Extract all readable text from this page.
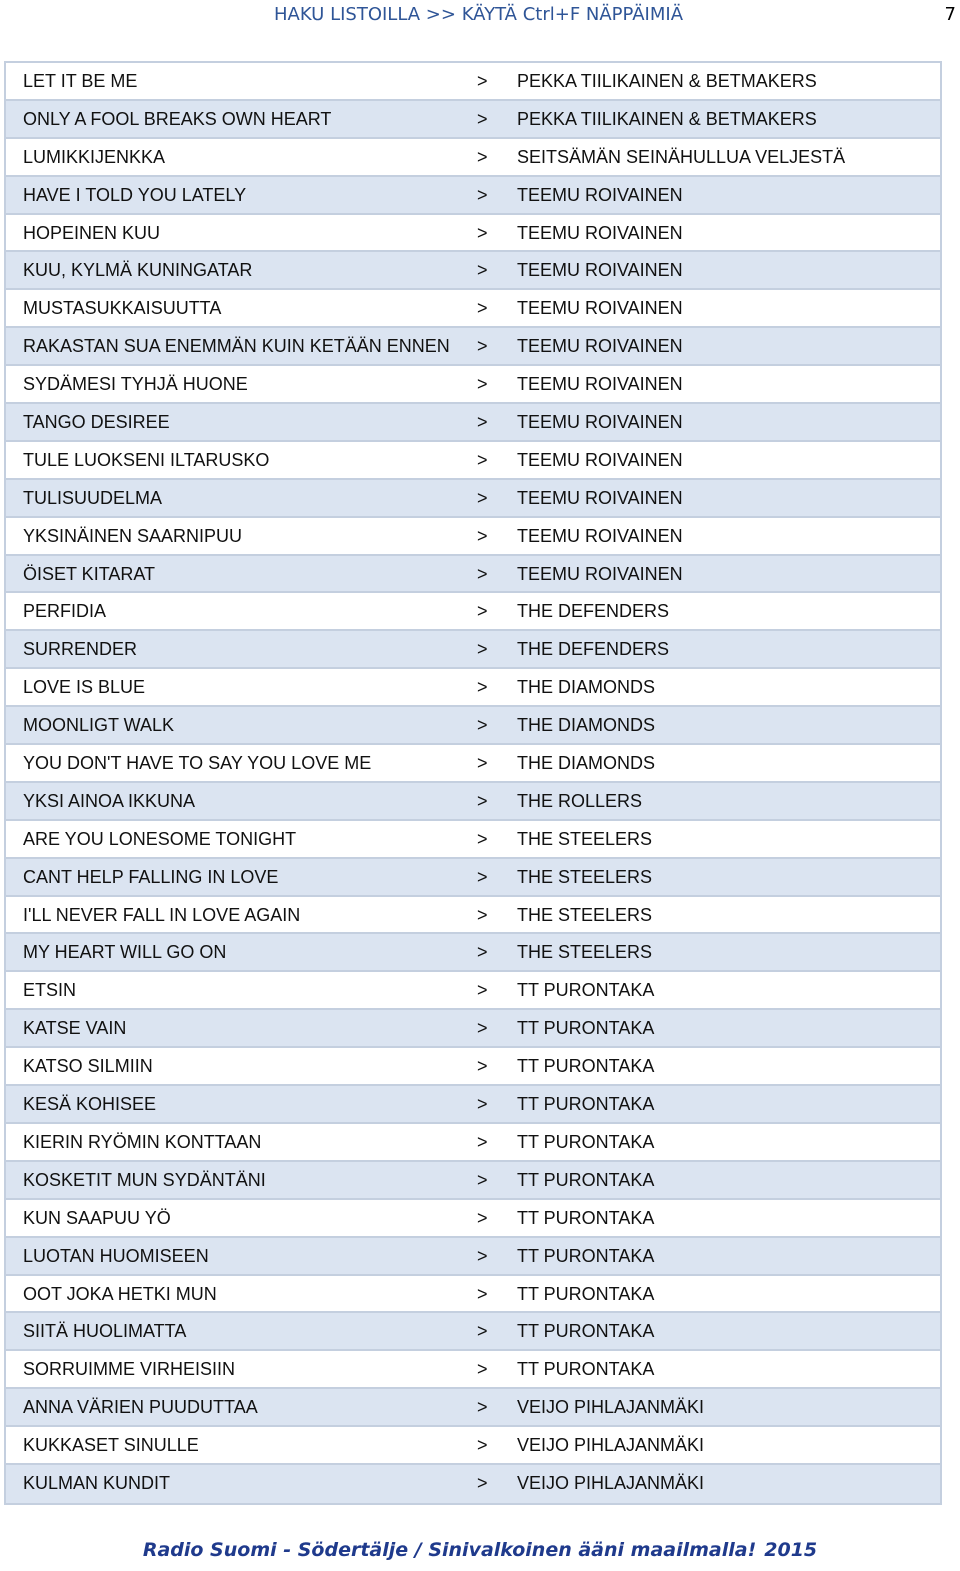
HAKU LISTOILLA >> KÄYTÄ Ctrl+F NÄPPÄIMIÄ	7
LET IT BE ME	> PEKKA TIILIKAINEN & BETMAKERS
ONLY A FOOL BREAKS OWN HEART	> PEKKA TIILIKAINEN & BETMAKERS
LUMIKKIJENKKA	> SEITSÄMÄN SEINÄHULLUA VELJESTÄ
HAVE I TOLD YOU LATELY	> TEEMU ROIVAINEN
HOPEINEN KUU	> TEEMU ROIVAINEN
KUU, KYLMÄ KUNINGATAR	> TEEMU ROIVAINEN
MUSTASUKKAISUUTTA	> TEEMU ROIVAINEN
RAKASTAN SUA ENEMMÄN KUIN KETÄÄN ENNEN > TEEMU ROIVAINEN
SYDÄMESI TYHJÄ HUONE	> TEEMU ROIVAINEN
TANGO DESIREE	> TEEMU ROIVAINEN
TULE LUOKSENI ILTARUSKO	> TEEMU ROIVAINEN
TULISUUDELMA	> TEEMU ROIVAINEN
YKSINÄINEN SAARNIPUU	> TEEMU ROIVAINEN
ÖISET KITARAT	> TEEMU ROIVAINEN
PERFIDIA	> THE DEFENDERS
SURRENDER	> THE DEFENDERS
LOVE IS BLUE	> THE DIAMONDS
MOONLIGT WALK	> THE DIAMONDS
YOU DON'T HAVE TO SAY YOU LOVE ME	> THE DIAMONDS
YKSI AINOA IKKUNA	> THE ROLLERS
ARE YOU LONESOME TONIGHT	> THE STEELERS
CANT HELP FALLING IN LOVE	> THE STEELERS
I'LL NEVER FALL IN LOVE AGAIN	> THE STEELERS
MY HEART WILL GO ON	> THE STEELERS
ETSIN	> TT PURONTAKA
KATSE VAIN	> TT PURONTAKA
KATSO SILMIIN	> TT PURONTAKA
KESÄ KOHISEE	> TT PURONTAKA
KIERIN RYÖMIN KONTTAAN	> TT PURONTAKA
KOSKETIT MUN SYDÄNTÄNI	> TT PURONTAKA
KUN SAAPUU YÖ	> TT PURONTAKA
LUOTAN HUOMISEEN	> TT PURONTAKA
OOT JOKA HETKI MUN	> TT PURONTAKA
SIITÄ HUOLIMATTA	> TT PURONTAKA
SORRUIMME VIRHEISIIN	> TT PURONTAKA
ANNA VÄRIEN PUUDUTTAA	> VEIJO PIHLAJANMÄKI
KUKKASET SINULLE	> VEIJO PIHLAJANMÄKI
KULMAN KUNDIT	> VEIJO PIHLAJANMÄKI
Radio Suomi - Södertälje / Sinivalkoinen ääni maailmalla! 2015
